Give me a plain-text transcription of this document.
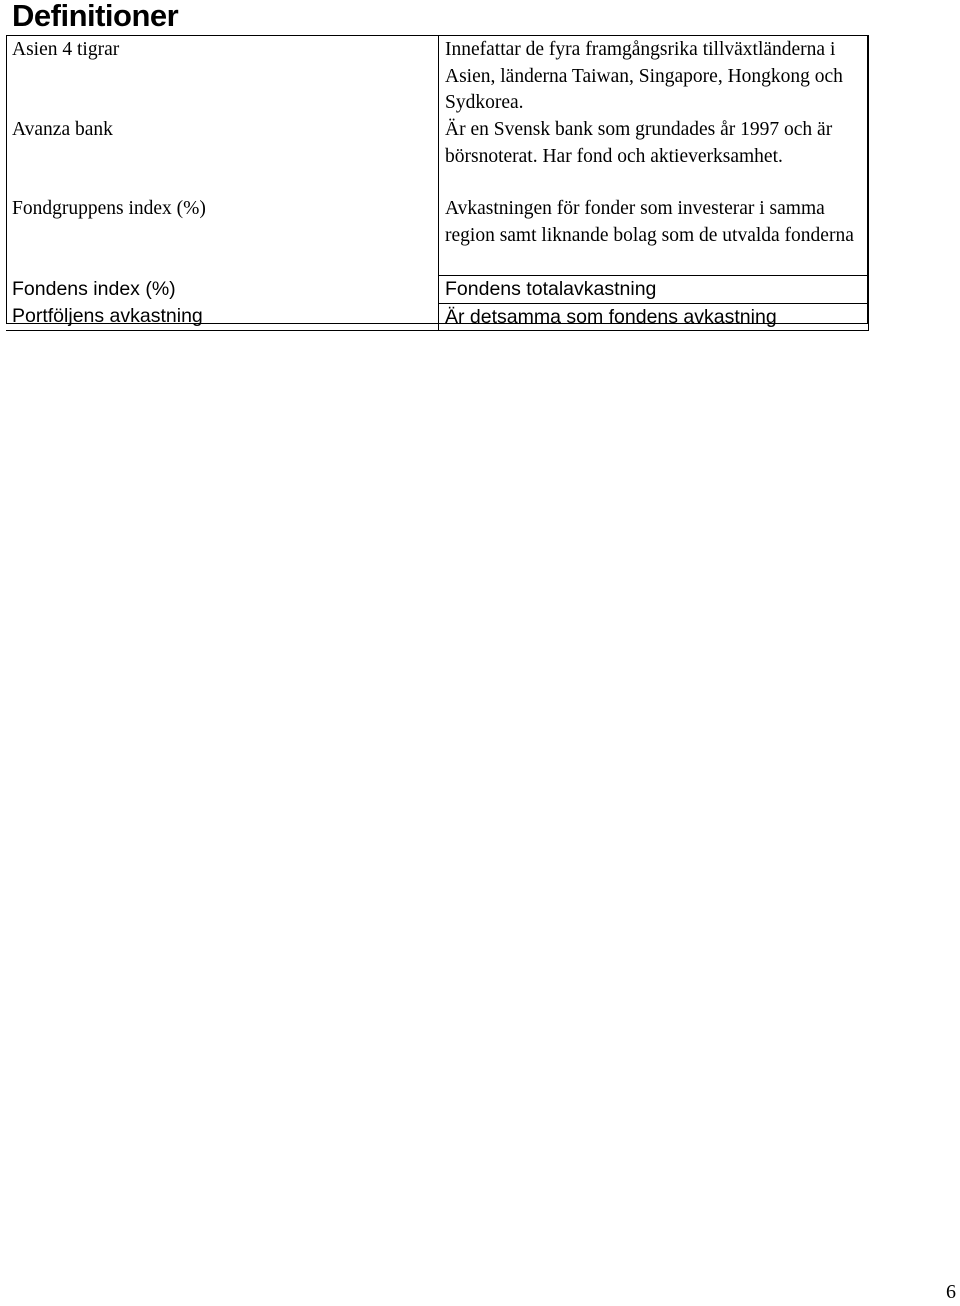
Definitioner
Asien 4 tigrar	Innefattar de fyra framgångsrika tillväxtländerna i Asien, länderna Taiwan, Singapore, Hongkong och Sydkorea.
Avanza bank	Är en Svensk bank som grundades år 1997 och är börsnoterat. Har fond och aktieverksamhet.
Fondgruppens index (%)	Avkastningen för fonder som investerar i samma region samt liknande bolag som de utvalda fonderna
Fondens index (%)	Fondens totalavkastning
Portföljens avkastning	Är detsamma som fondens avkastning
6
